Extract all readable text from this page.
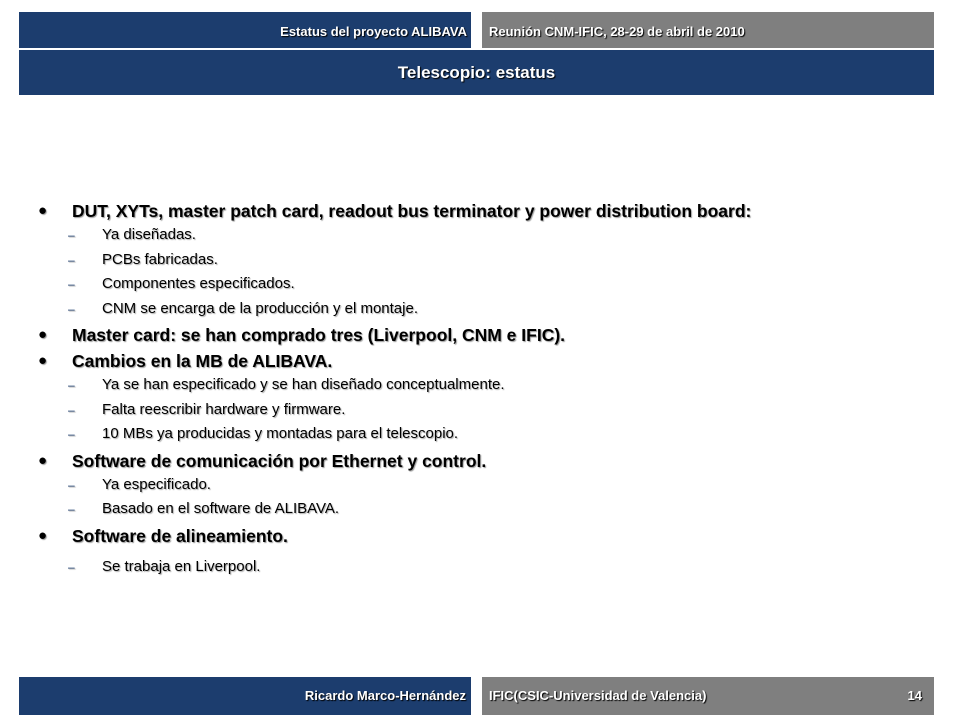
Estatus del proyecto ALIBAVA	Reunión CNM-IFIC, 28-29 de abril de 2010
Telescopio: estatus
● DUT, XYTs, master patch card, readout bus terminator y power distribution board:
– Ya diseñadas.
– PCBs fabricadas.
– Componentes especificados.
– CNM se encarga de la producción y el montaje.
● Master card: se han comprado tres (Liverpool, CNM e IFIC).
● Cambios en la MB de ALIBAVA.
– Ya se han especificado y se han diseñado conceptualmente.
– Falta reescribir hardware y firmware.
– 10 MBs ya producidas y montadas para el telescopio.
● Software de comunicación por Ethernet y control.
– Ya especificado.
– Basado en el software de ALIBAVA.
● Software de alineamiento.
– Se trabaja en Liverpool.
Ricardo Marco-Hernández	IFIC(CSIC-Universidad de Valencia)	14
